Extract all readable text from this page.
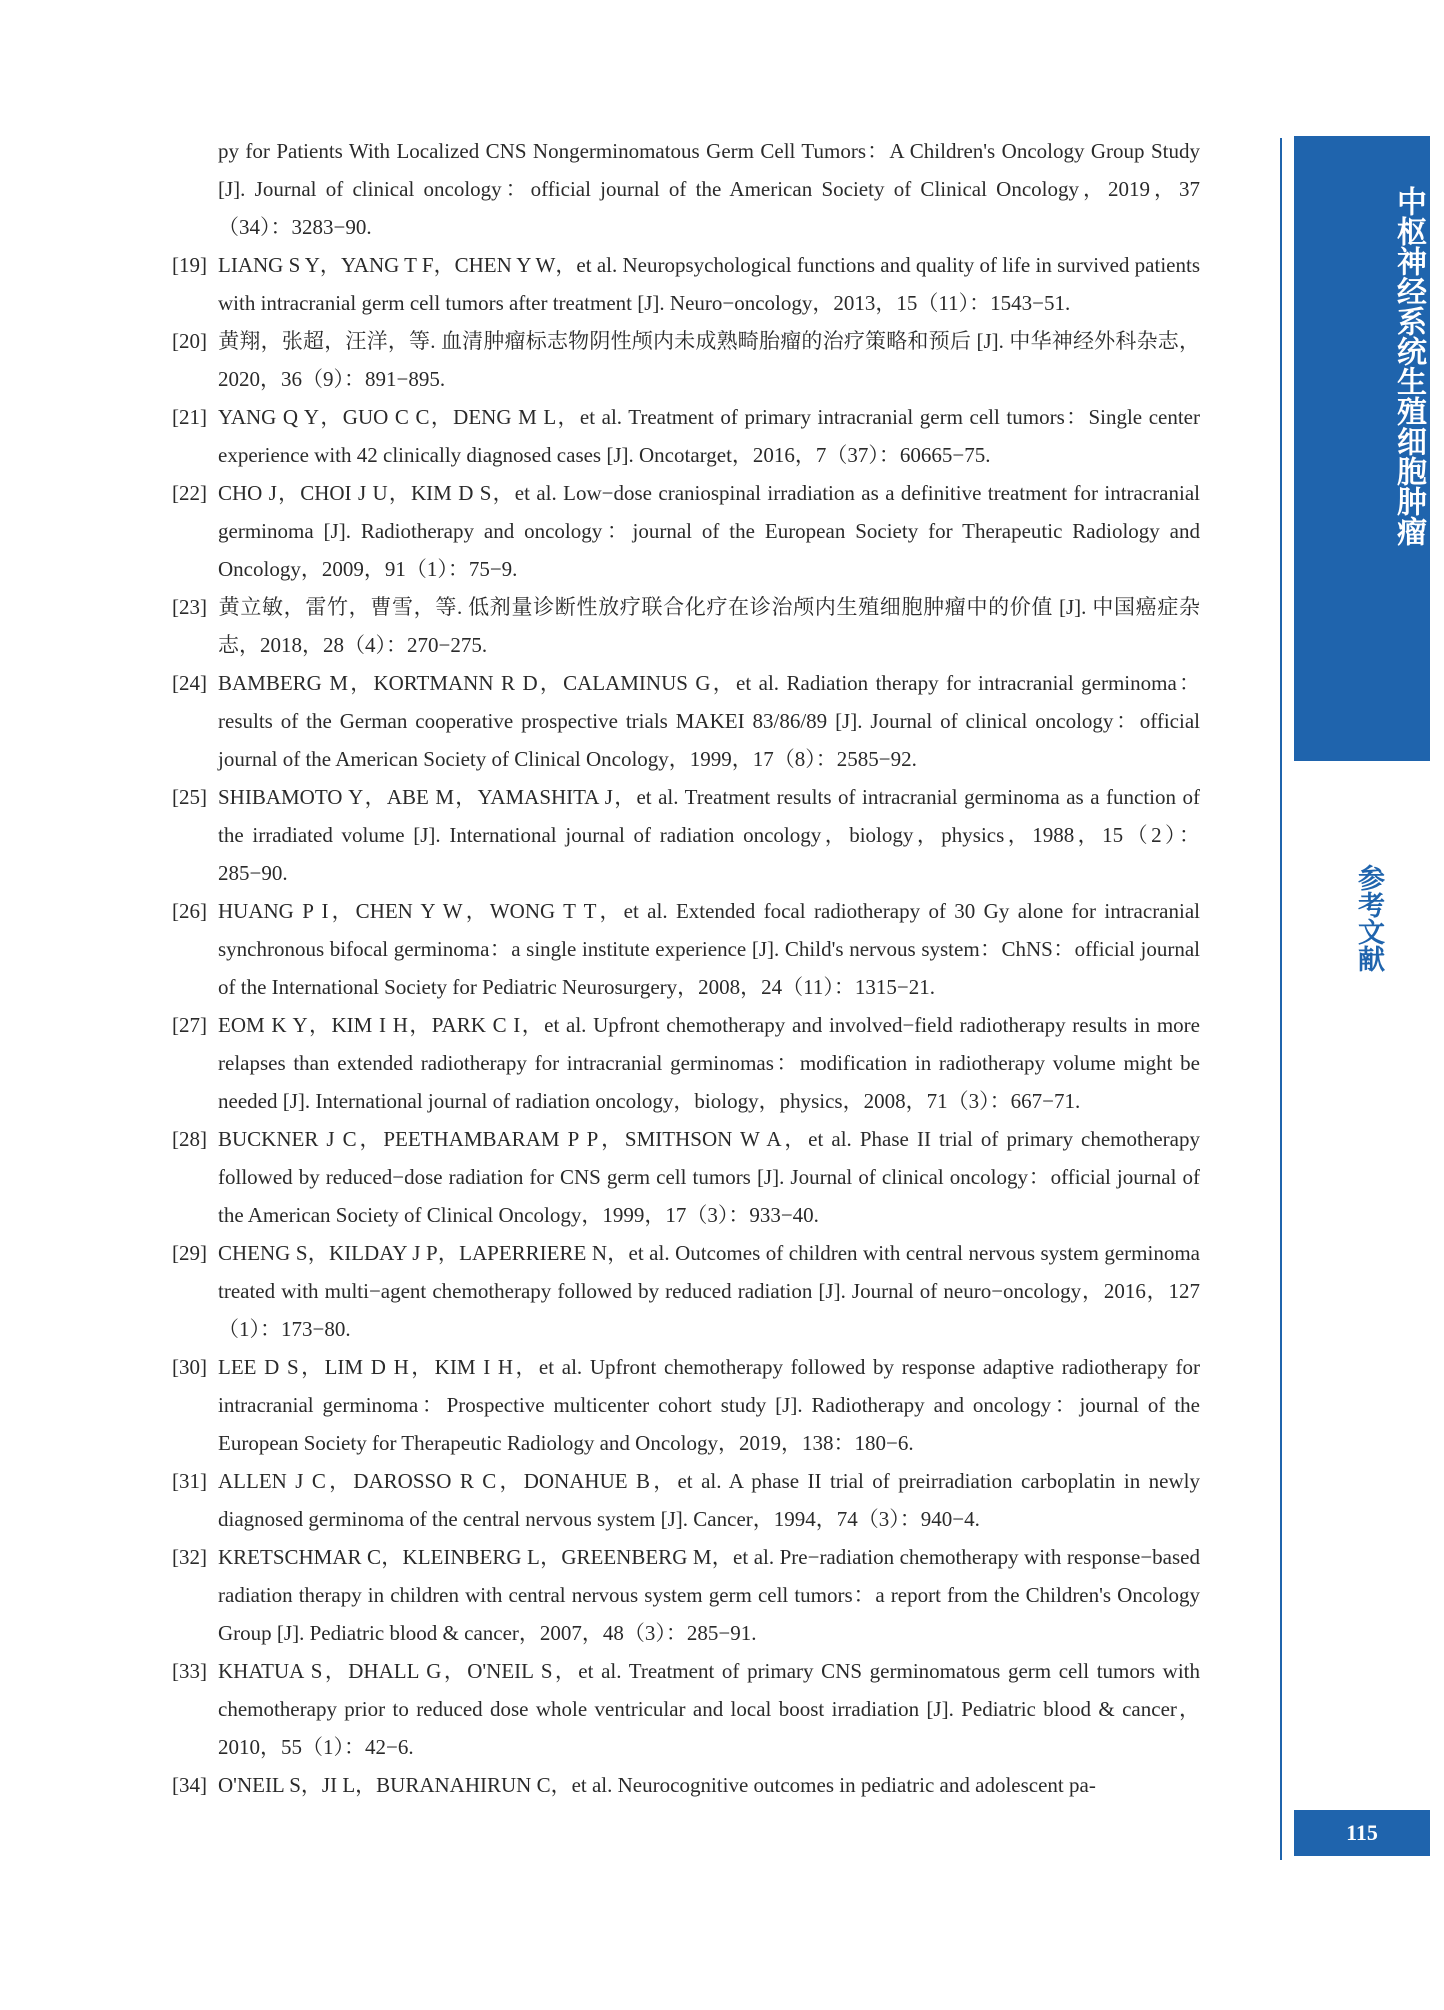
py for Patients With Localized CNS Nongerminomatous Germ Cell Tumors：A Children's Oncology Group Study [J]. Journal of clinical oncology：official journal of the American Society of Clinical Oncology，2019，37（34）：3283−90.

[19] LIANG S Y，YANG T F，CHEN Y W，et al. Neuropsychological functions and quality of life in survived patients with intracranial germ cell tumors after treatment [J]. Neuro−oncology，2013，15（11）：1543−51.

[20] 黄翔，张超，汪洋，等. 血清肿瘤标志物阴性颅内未成熟畸胎瘤的治疗策略和预后 [J]. 中华神经外科杂志，2020，36（9）：891−895.

[21] YANG Q Y，GUO C C，DENG M L，et al. Treatment of primary intracranial germ cell tumors：Single center experience with 42 clinically diagnosed cases [J]. Oncotarget，2016，7（37）：60665−75.

[22] CHO J，CHOI J U，KIM D S，et al. Low−dose craniospinal irradiation as a definitive treatment for intracranial germinoma [J]. Radiotherapy and oncology：journal of the European Society for Therapeutic Radiology and Oncology，2009，91（1）：75−9.

[23] 黄立敏，雷竹，曹雪，等. 低剂量诊断性放疗联合化疗在诊治颅内生殖细胞肿瘤中的价值 [J]. 中国癌症杂志，2018，28（4）：270−275.

[24] BAMBERG M，KORTMANN R D，CALAMINUS G，et al. Radiation therapy for intracranial germinoma：results of the German cooperative prospective trials MAKEI 83/86/89 [J]. Journal of clinical oncology：official journal of the American Society of Clinical Oncology，1999，17（8）：2585−92.

[25] SHIBAMOTO Y，ABE M，YAMASHITA J，et al. Treatment results of intracranial germinoma as a function of the irradiated volume [J]. International journal of radiation oncology，biology，physics，1988，15（2）：285−90.

[26] HUANG P I，CHEN Y W，WONG T T，et al. Extended focal radiotherapy of 30 Gy alone for intracranial synchronous bifocal germinoma：a single institute experience [J]. Child's nervous system：ChNS：official journal of the International Society for Pediatric Neurosurgery，2008，24（11）：1315−21.

[27] EOM K Y，KIM I H，PARK C I，et al. Upfront chemotherapy and involved−field radiotherapy results in more relapses than extended radiotherapy for intracranial germinomas：modification in radiotherapy volume might be needed [J]. International journal of radiation oncology，biology，physics，2008，71（3）：667−71.

[28] BUCKNER J C，PEETHAMBARAM P P，SMITHSON W A，et al. Phase II trial of primary chemotherapy followed by reduced−dose radiation for CNS germ cell tumors [J]. Journal of clinical oncology：official journal of the American Society of Clinical Oncology，1999，17（3）：933−40.

[29] CHENG S，KILDAY J P，LAPERRIERE N，et al. Outcomes of children with central nervous system germinoma treated with multi−agent chemotherapy followed by reduced radiation [J]. Journal of neuro−oncology，2016，127（1）：173−80.

[30] LEE D S，LIM D H，KIM I H，et al. Upfront chemotherapy followed by response adaptive radiotherapy for intracranial germinoma：Prospective multicenter cohort study [J]. Radiotherapy and oncology：journal of the European Society for Therapeutic Radiology and Oncology，2019，138：180−6.

[31] ALLEN J C，DAROSSO R C，DONAHUE B，et al. A phase II trial of preirradiation carboplatin in newly diagnosed germinoma of the central nervous system [J]. Cancer，1994，74（3）：940−4.

[32] KRETSCHMAR C，KLEINBERG L，GREENBERG M，et al. Pre−radiation chemotherapy with response−based radiation therapy in children with central nervous system germ cell tumors：a report from the Children's Oncology Group [J]. Pediatric blood & cancer，2007，48（3）：285−91.

[33] KHATUA S，DHALL G，O'NEIL S，et al. Treatment of primary CNS germinomatous germ cell tumors with chemotherapy prior to reduced dose whole ventricular and local boost irradiation [J]. Pediatric blood & cancer，2010，55（1）：42−6.

[34] O'NEIL S，JI L，BURANAHIRUN C，et al. Neurocognitive outcomes in pediatric and adolescent pa-

中枢神经系统生殖细胞肿瘤
参考文献
115
